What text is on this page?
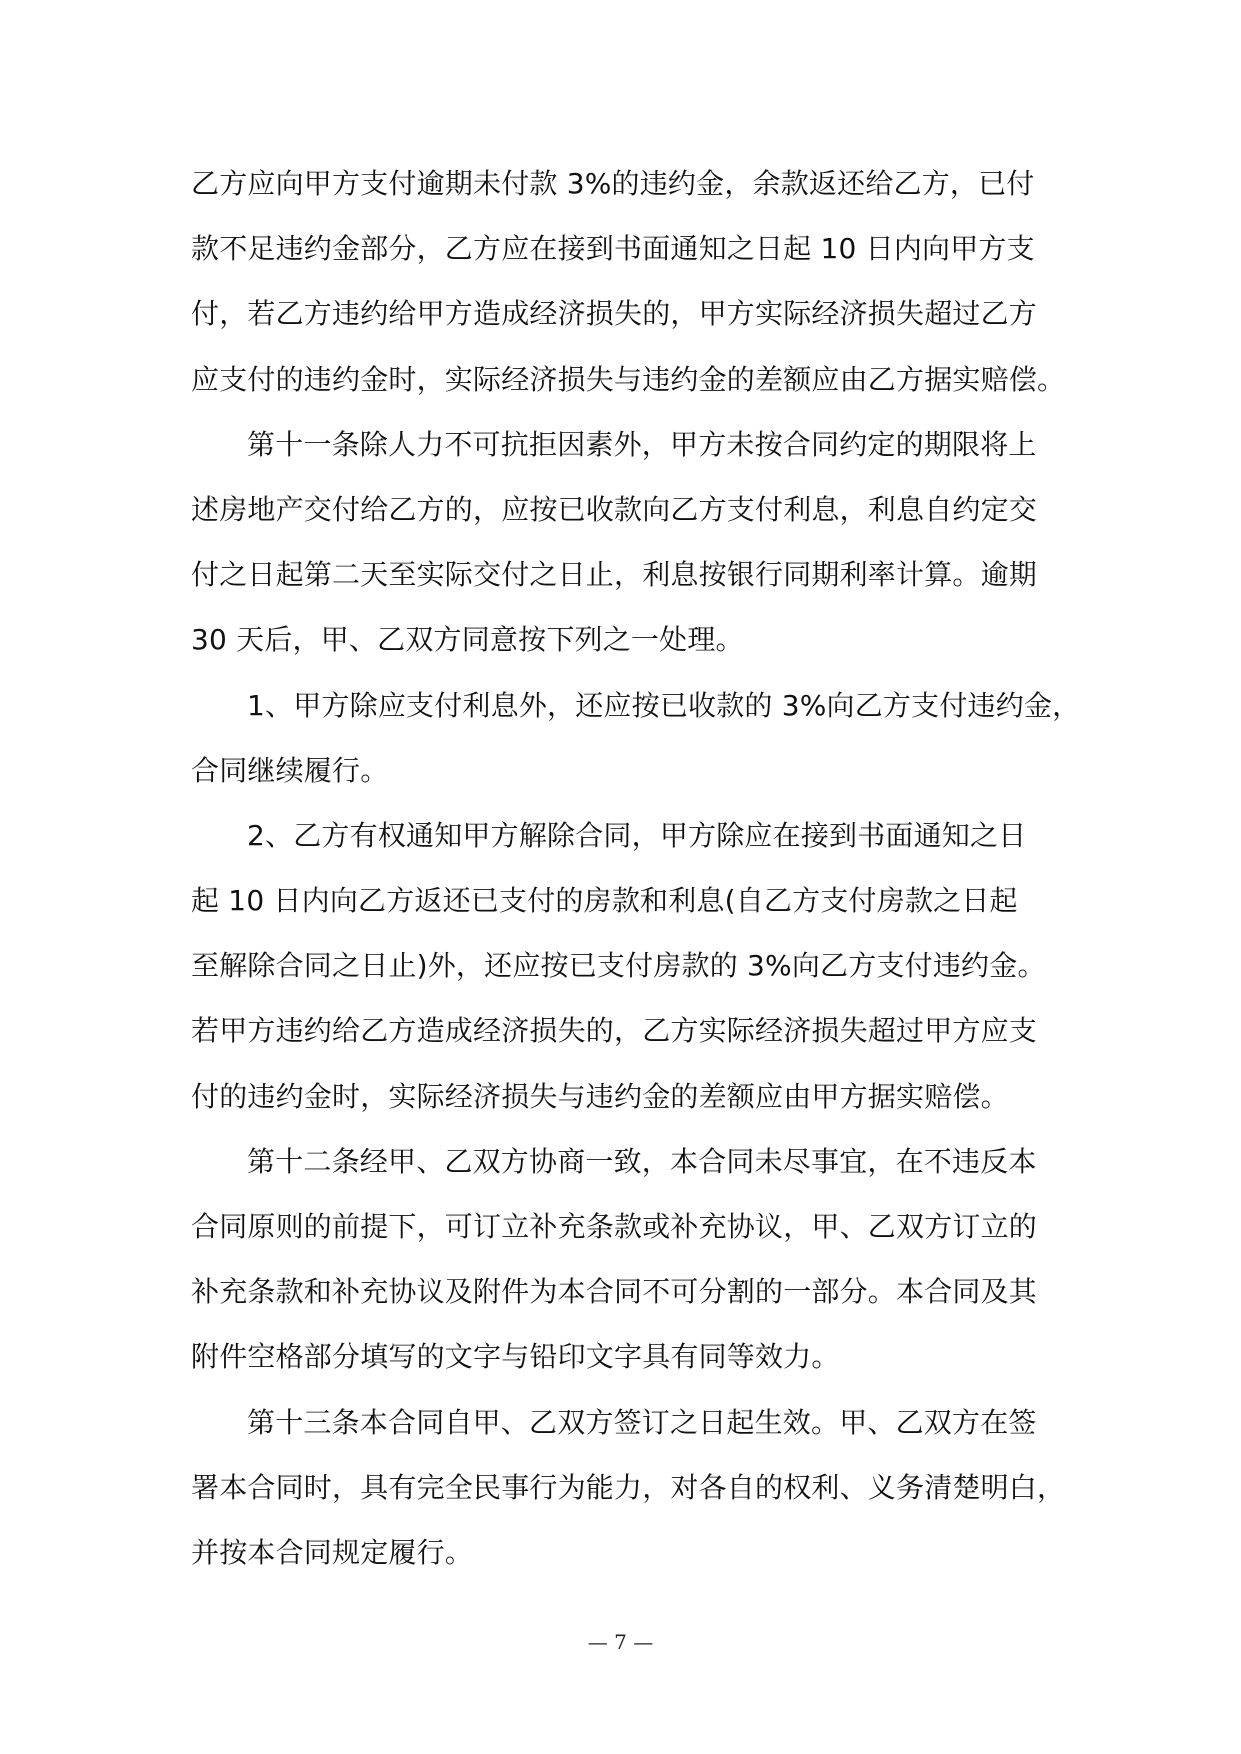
乙方应向甲方支付逾期未付款 3%的违约金，余款返还给乙方，已付
款不足违约金部分，乙方应在接到书面通知之日起 10 日内向甲方支
付，若乙方违约给甲方造成经济损失的，甲方实际经济损失超过乙方
应支付的违约金时，实际经济损失与违约金的差额应由乙方据实赔偿。
第十一条除人力不可抗拒因素外，甲方未按合同约定的期限将上
述房地产交付给乙方的，应按已收款向乙方支付利息，利息自约定交
付之日起第二天至实际交付之日止，利息按银行同期利率计算。逾期
30 天后，甲、乙双方同意按下列之一处理。
1、甲方除应支付利息外，还应按已收款的 3%向乙方支付违约金，
合同继续履行。
2、乙方有权通知甲方解除合同，甲方除应在接到书面通知之日
起 10 日内向乙方返还已支付的房款和利息(自乙方支付房款之日起
至解除合同之日止)外，还应按已支付房款的 3%向乙方支付违约金。
若甲方违约给乙方造成经济损失的，乙方实际经济损失超过甲方应支
付的违约金时，实际经济损失与违约金的差额应由甲方据实赔偿。
第十二条经甲、乙双方协商一致，本合同未尽事宜，在不违反本
合同原则的前提下，可订立补充条款或补充协议，甲、乙双方订立的
补充条款和补充协议及附件为本合同不可分割的一部分。本合同及其
附件空格部分填写的文字与铅印文字具有同等效力。
第十三条本合同自甲、乙双方签订之日起生效。甲、乙双方在签
署本合同时，具有完全民事行为能力，对各自的权利、义务清楚明白，
并按本合同规定履行。
— 7 —
